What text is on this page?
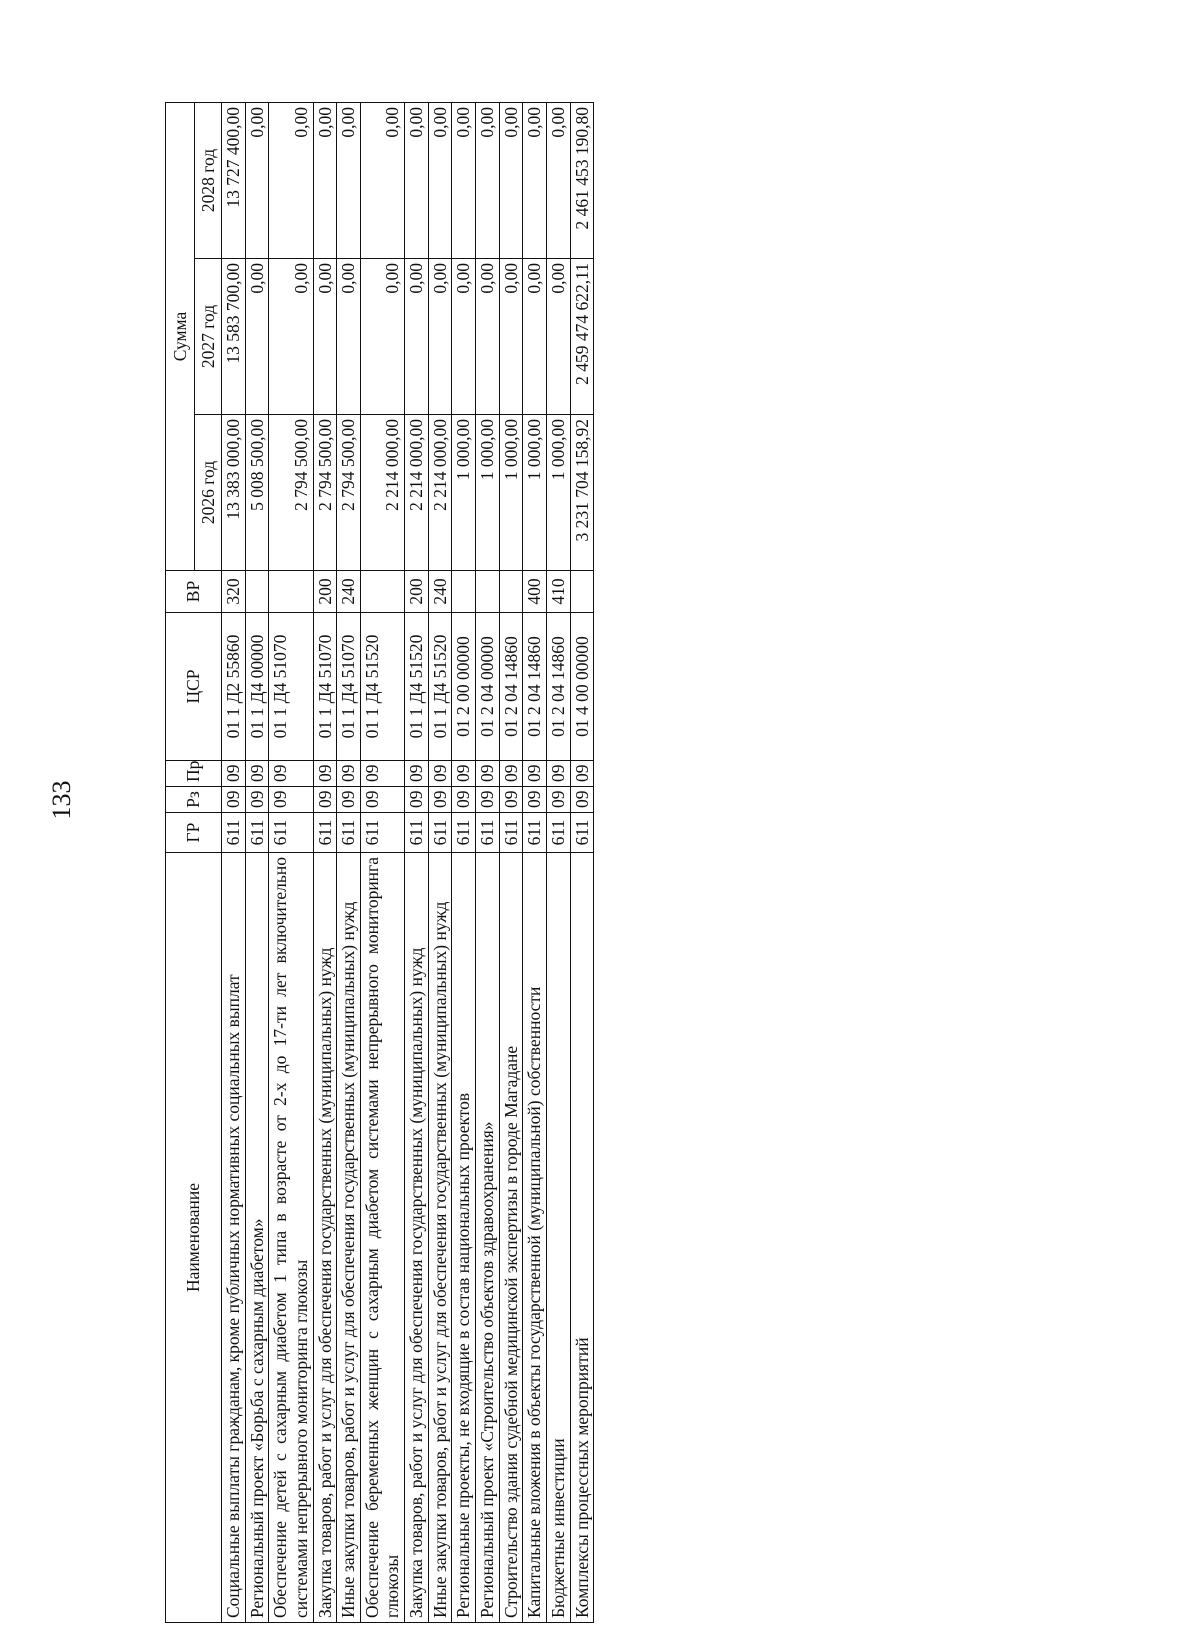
133
Наименование	ГР	Рз	Пр	ЦСР	ВР	Сумма		
						2026 год	2027 год	2028 год
Социальные выплаты гражданам, кроме публичных нормативных социальных выплат	611	09	09	01 1 Д2 55860	320	13 383 000,00	13 583 700,00	13 727 400,00
Региональный проект «Борьба с сахарным диабетом»	611	09	09	01 1 Д4 00000		5 008 500,00	0,00	0,00
Обеспечение детей с сахарным диабетом 1 типа в возрасте от 2-х до 17-ти лет включительно системами непрерывного мониторинга глюкозы	611	09	09	01 1 Д4 51070		2 794 500,00	0,00	0,00
Закупка товаров, работ и услуг для обеспечения государственных (муниципальных) нужд	611	09	09	01 1 Д4 51070	200	2 794 500,00	0,00	0,00
Иные закупки товаров, работ и услуг для обеспечения государственных (муниципальных) нужд	611	09	09	01 1 Д4 51070	240	2 794 500,00	0,00	0,00
Обеспечение беременных женщин с сахарным диабетом системами непрерывного мониторинга глюкозы	611	09	09	01 1 Д4 51520		2 214 000,00	0,00	0,00
Закупка товаров, работ и услуг для обеспечения государственных (муниципальных) нужд	611	09	09	01 1 Д4 51520	200	2 214 000,00	0,00	0,00
Иные закупки товаров, работ и услуг для обеспечения государственных (муниципальных) нужд	611	09	09	01 1 Д4 51520	240	2 214 000,00	0,00	0,00
Региональные проекты, не входящие в состав национальных проектов	611	09	09	01 2 00 00000		1 000,00	0,00	0,00
Региональный проект «Строительство объектов здравоохранения»	611	09	09	01 2 04 00000		1 000,00	0,00	0,00
Строительство здания судебной медицинской экспертизы в городе Магадане	611	09	09	01 2 04 14860		1 000,00	0,00	0,00
Капитальные вложения в объекты государственной (муниципальной) собственности	611	09	09	01 2 04 14860	400	1 000,00	0,00	0,00
Бюджетные инвестиции	611	09	09	01 2 04 14860	410	1 000,00	0,00	0,00
Комплексы процессных мероприятий	611	09	09	01 4 00 00000		3 231 704 158,92	2 459 474 622,11	2 461 453 190,80
